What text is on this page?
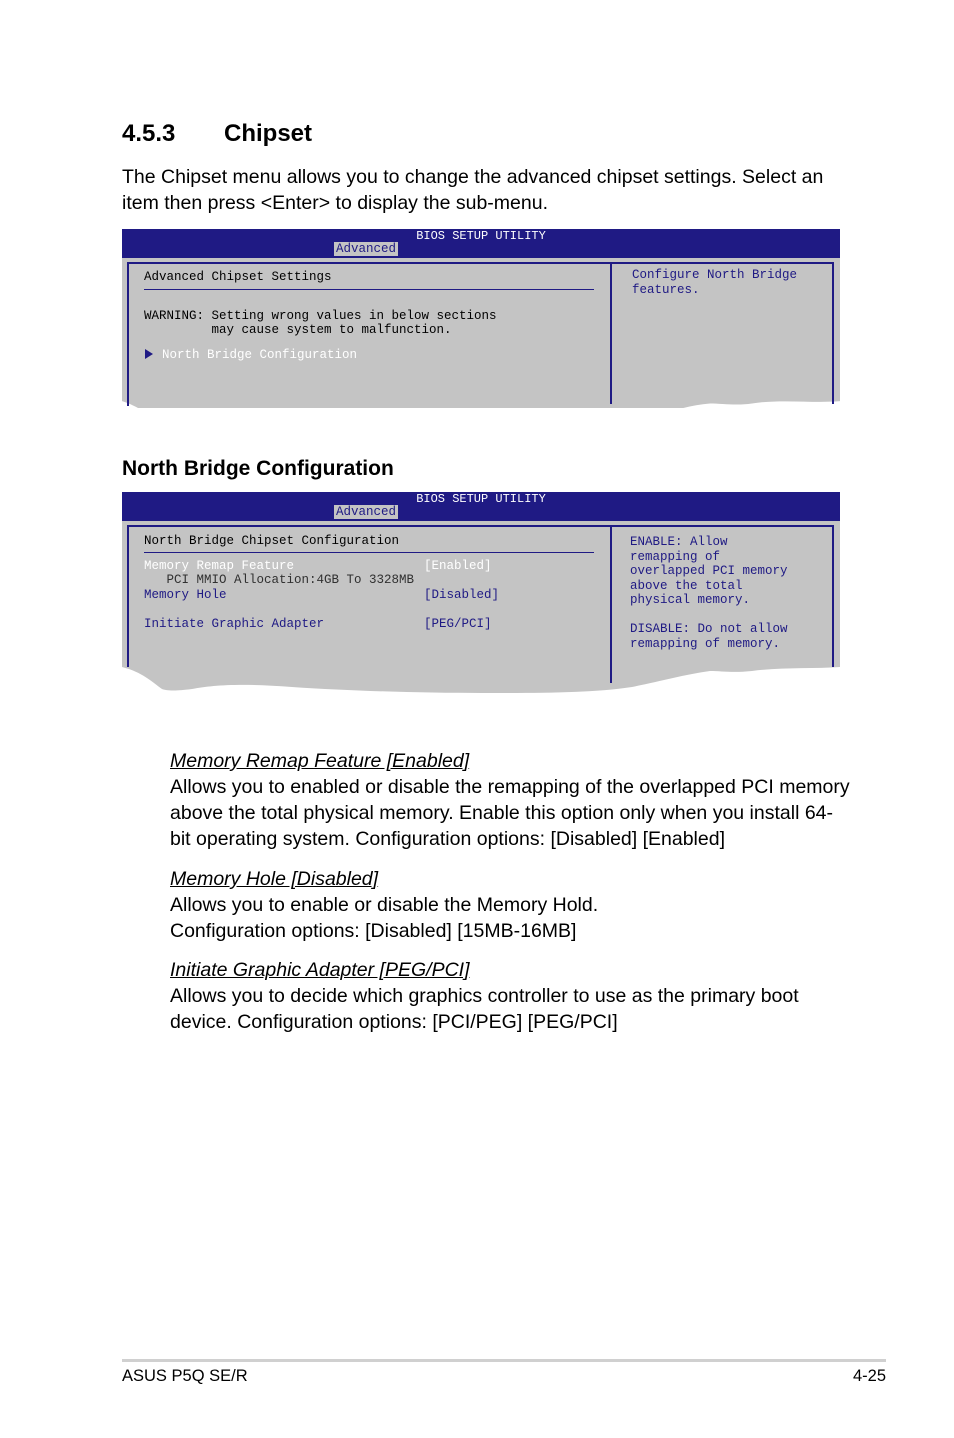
4.5.3 Chipset
The Chipset menu allows you to change the advanced chipset settings. Select an item then press <Enter> to display the sub-menu.
BIOS SETUP UTILITY
Advanced
Advanced Chipset Settings
WARNING: Setting wrong values in below sections
may cause system to malfunction.
North Bridge Configuration
Configure North Bridge
features.
North Bridge Configuration
BIOS SETUP UTILITY
Advanced
North Bridge Chipset Configuration
Memory Remap Feature	[Enabled]
PCI MMIO Allocation:4GB To 3328MB
Memory Hole	[Disabled]
Initiate Graphic Adapter	[PEG/PCI]
ENABLE: Allow
remapping of
overlapped PCI memory
above the total
physical memory.
DISABLE: Do not allow
remapping of memory.
Memory Remap Feature [Enabled]
Allows you to enabled or disable the remapping of the overlapped PCI memory above the total physical memory. Enable this option only when you install 64-bit operating system. Configuration options: [Disabled] [Enabled]
Memory Hole [Disabled]
Allows you to enable or disable the Memory Hold.
Configuration options: [Disabled] [15MB-16MB]
Initiate Graphic Adapter [PEG/PCI]
Allows you to decide which graphics controller to use as the primary boot device. Configuration options: [PCI/PEG] [PEG/PCI]
ASUS P5Q SE/R	4-25
